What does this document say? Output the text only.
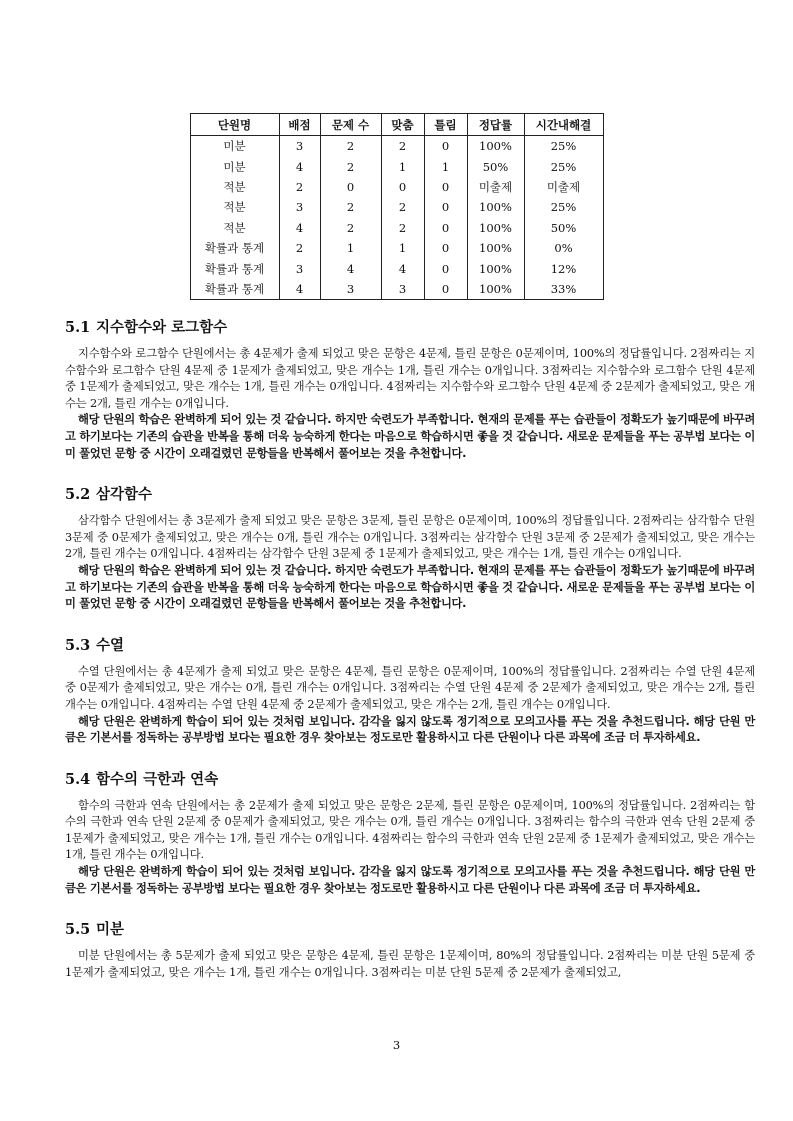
단원명	배점	문제 수	맞춤	틀림	정답률	시간내해결
미분	3	2	2	0	100%	25%
미분	4	2	1	1	50%	25%
적분	2	0	0	0	미출제	미출제
적분	3	2	2	0	100%	25%
적분	4	2	2	0	100%	50%
확률과 통계	2	1	1	0	100%	0%
확률과 통계	3	4	4	0	100%	12%
확률과 통계	4	3	3	0	100%	33%
5.1 지수함수와 로그함수

지수함수와 로그함수 단원에서는 총 4문제가 출제 되었고 맞은 문항은 4문제, 틀린 문항은 0문제이며, 100%의 정답률입니다. 2점짜리는 지수함수와 로그함수 단원 4문제 중 1문제가 출제되었고, 맞은 개수는 1개, 틀린 개수는 0개입니다. 3점짜리는 지수함수와 로그함수 단원 4문제 중 1문제가 출제되었고, 맞은 개수는 1개, 틀린 개수는 0개입니다. 4점짜리는 지수함수와 로그함수 단원 4문제 중 2문제가 출제되었고, 맞은 개수는 2개, 틀린 개수는 0개입니다.

해당 단원의 학습은 완벽하게 되어 있는 것 같습니다. 하지만 숙련도가 부족합니다. 현재의 문제를 푸는 습관들이 정확도가 높기때문에 바꾸려고 하기보다는 기존의 습관을 반복을 통해 더욱 능숙하게 한다는 마음으로 학습하시면 좋을 것 같습니다. 새로운 문제들을 푸는 공부법 보다는 이미 풀었던 문항 중 시간이 오래걸렸던 문항들을 반복해서 풀어보는 것을 추천합니다.

5.2 삼각함수

삼각함수 단원에서는 총 3문제가 출제 되었고 맞은 문항은 3문제, 틀린 문항은 0문제이며, 100%의 정답률입니다. 2점짜리는 삼각함수 단원 3문제 중 0문제가 출제되었고, 맞은 개수는 0개, 틀린 개수는 0개입니다. 3점짜리는 삼각함수 단원 3문제 중 2문제가 출제되었고, 맞은 개수는 2개, 틀린 개수는 0개입니다. 4점짜리는 삼각함수 단원 3문제 중 1문제가 출제되었고, 맞은 개수는 1개, 틀린 개수는 0개입니다.

해당 단원의 학습은 완벽하게 되어 있는 것 같습니다. 하지만 숙련도가 부족합니다. 현재의 문제를 푸는 습관들이 정확도가 높기때문에 바꾸려고 하기보다는 기존의 습관을 반복을 통해 더욱 능숙하게 한다는 마음으로 학습하시면 좋을 것 같습니다. 새로운 문제들을 푸는 공부법 보다는 이미 풀었던 문항 중 시간이 오래걸렸던 문항들을 반복해서 풀어보는 것을 추천합니다.

5.3 수열

수열 단원에서는 총 4문제가 출제 되었고 맞은 문항은 4문제, 틀린 문항은 0문제이며, 100%의 정답률입니다. 2점짜리는 수열 단원 4문제 중 0문제가 출제되었고, 맞은 개수는 0개, 틀린 개수는 0개입니다. 3점짜리는 수열 단원 4문제 중 2문제가 출제되었고, 맞은 개수는 2개, 틀린 개수는 0개입니다. 4점짜리는 수열 단원 4문제 중 2문제가 출제되었고, 맞은 개수는 2개, 틀린 개수는 0개입니다.

해당 단원은 완벽하게 학습이 되어 있는 것처럼 보입니다. 감각을 잃지 않도록 정기적으로 모의고사를 푸는 것을 추천드립니다. 해당 단원 만큼은 기본서를 정독하는 공부방법 보다는 필요한 경우 찾아보는 정도로만 활용하시고 다른 단원이나 다른 과목에 조금 더 투자하세요.

5.4 함수의 극한과 연속

함수의 극한과 연속 단원에서는 총 2문제가 출제 되었고 맞은 문항은 2문제, 틀린 문항은 0문제이며, 100%의 정답률입니다. 2점짜리는 함수의 극한과 연속 단원 2문제 중 0문제가 출제되었고, 맞은 개수는 0개, 틀린 개수는 0개입니다. 3점짜리는 함수의 극한과 연속 단원 2문제 중 1문제가 출제되었고, 맞은 개수는 1개, 틀린 개수는 0개입니다. 4점짜리는 함수의 극한과 연속 단원 2문제 중 1문제가 출제되었고, 맞은 개수는 1개, 틀린 개수는 0개입니다.

해당 단원은 완벽하게 학습이 되어 있는 것처럼 보입니다. 감각을 잃지 않도록 정기적으로 모의고사를 푸는 것을 추천드립니다. 해당 단원 만큼은 기본서를 정독하는 공부방법 보다는 필요한 경우 찾아보는 정도로만 활용하시고 다른 단원이나 다른 과목에 조금 더 투자하세요.

5.5 미분

미분 단원에서는 총 5문제가 출제 되었고 맞은 문항은 4문제, 틀린 문항은 1문제이며, 80%의 정답률입니다. 2점짜리는 미분 단원 5문제 중 1문제가 출제되었고, 맞은 개수는 1개, 틀린 개수는 0개입니다. 3점짜리는 미분 단원 5문제 중 2문제가 출제되었고,

3
